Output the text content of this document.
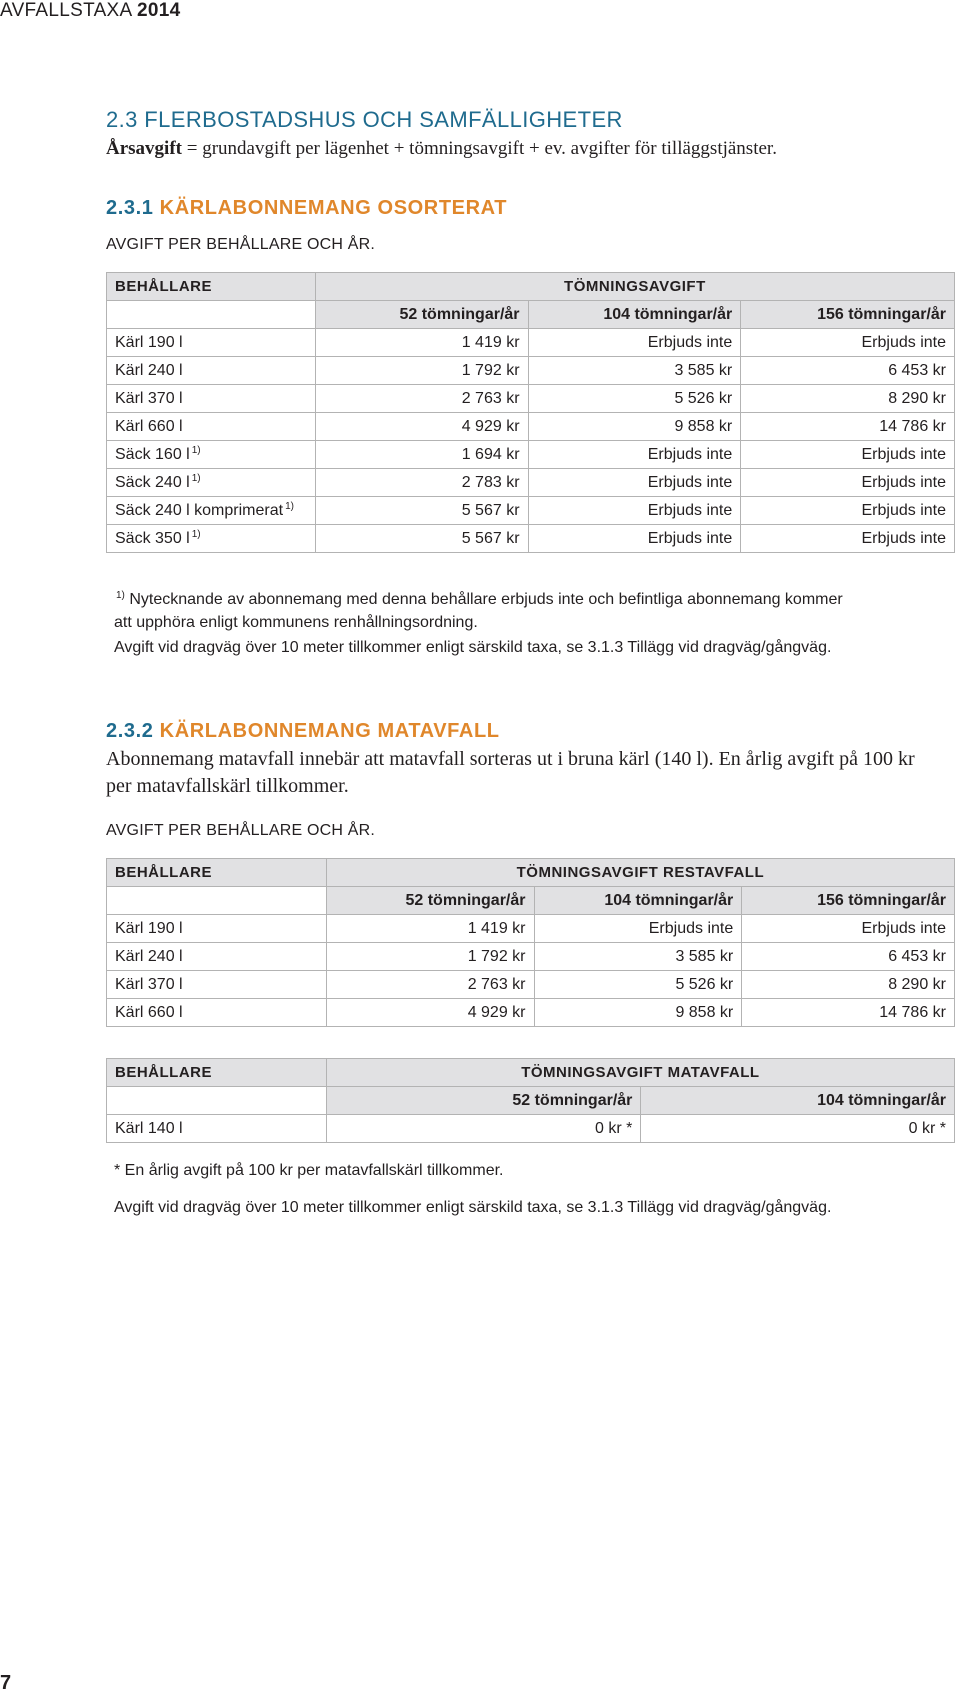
AVFALLSTAXA 2014
2.3 FLERBOSTADSHUS OCH SAMFÄLLIGHETER
Årsavgift = grundavgift per lägenhet + tömningsavgift + ev. avgifter för tilläggstjänster.
2.3.1 KÄRLABONNEMANG OSORTERAT
AVGIFT PER BEHÅLLARE OCH ÅR.
BEHÅLLARE	TÖMNINGSAVGIFT		
	52 tömningar/år	104 tömningar/år	156 tömningar/år
Kärl 190 l	1 419 kr	Erbjuds inte	Erbjuds inte
Kärl 240 l	1 792 kr	3 585 kr	6 453 kr
Kärl 370 l	2 763 kr	5 526 kr	8 290 kr
Kärl 660 l	4 929 kr	9 858 kr	14 786 kr
Säck 160 l $^{1)}$	1 694 kr	Erbjuds inte	Erbjuds inte
Säck 240 l $^{1)}$	2 783 kr	Erbjuds inte	Erbjuds inte
Säck 240 l komprimerat $^{1)}$	5 567 kr	Erbjuds inte	Erbjuds inte
Säck 350 l $^{1)}$	5 567 kr	Erbjuds inte	Erbjuds inte
$^{1)}$ Nytecknande av abonnemang med denna behållare erbjuds inte och befintliga abonnemang kommer
att upphöra enligt kommunens renhållningsordning.
Avgift vid dragväg över 10 meter tillkommer enligt särskild taxa, se 3.1.3 Tillägg vid dragväg/gångväg.
2.3.2 KÄRLABONNEMANG MATAVFALL
Abonnemang matavfall innebär att matavfall sorteras ut i bruna kärl (140 l). En årlig avgift på 100 kr per matavfallskärl tillkommer.
AVGIFT PER BEHÅLLARE OCH ÅR.
BEHÅLLARE	TÖMNINGSAVGIFT RESTAVFALL		
	52 tömningar/år	104 tömningar/år	156 tömningar/år
Kärl 190 l	1 419 kr	Erbjuds inte	Erbjuds inte
Kärl 240 l	1 792 kr	3 585 kr	6 453 kr
Kärl 370 l	2 763 kr	5 526 kr	8 290 kr
Kärl 660 l	4 929 kr	9 858 kr	14 786 kr
BEHÅLLARE	TÖMNINGSAVGIFT MATAVFALL	
	52 tömningar/år	104 tömningar/år
Kärl 140 l	0 kr *	0 kr *
* En årlig avgift på 100 kr per matavfallskärl tillkommer.
Avgift vid dragväg över 10 meter tillkommer enligt särskild taxa, se 3.1.3 Tillägg vid dragväg/gångväg.
7
